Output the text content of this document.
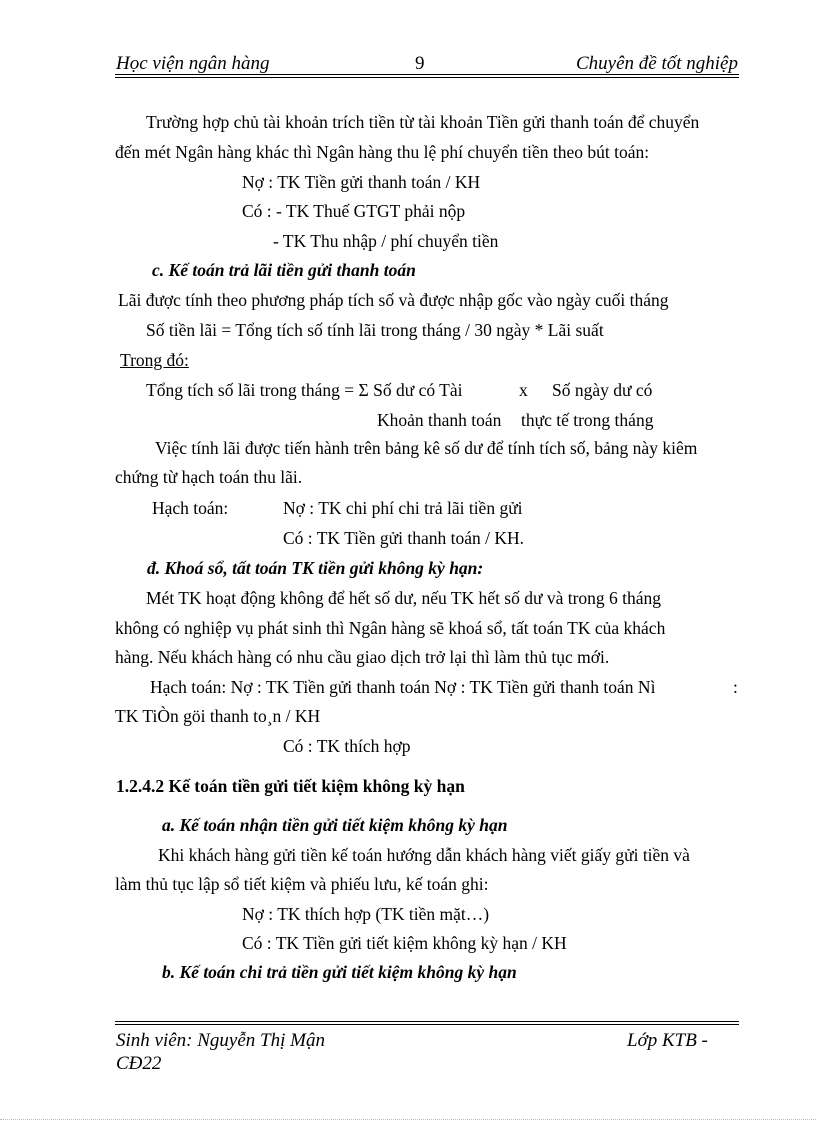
Học viện ngân hàng	9	Chuyên đề tốt nghiệp
Trường hợp chủ tài khoản trích tiền từ tài khoản Tiền gửi thanh toán để chuyển
đến mét Ngân hàng khác thì Ngân hàng thu lệ phí chuyển tiền theo bút toán:
Nợ : TK Tiền gửi thanh toán / KH
Có : - TK Thuế GTGT phải nộp
- TK Thu nhập / phí chuyển tiền
c. Kế toán trả lãi tiền gửi thanh toán
Lãi được tính theo phương pháp tích số và được nhập gốc vào ngày cuối tháng
Số tiền lãi = Tổng tích số tính lãi trong tháng / 30 ngày * Lãi suất
Trong đó:
Tổng tích số lãi trong tháng = Σ Số dư có Tài	x Số ngày dư có
Khoản thanh toán thực tế trong tháng
Việc tính lãi được tiến hành trên bảng kê số dư để tính tích số, bảng này kiêm
chứng từ hạch toán thu lãi.
Hạch toán:	Nợ : TK chi phí chi trả lãi tiền gửi
Có : TK Tiền gửi thanh toán / KH.
đ. Khoá sổ, tất toán TK tiền gửi không kỳ hạn:
Mét TK hoạt động không để hết số dư, nếu TK hết số dư và trong 6 tháng
không có nghiệp vụ phát sinh thì Ngân hàng sẽ khoá sổ, tất toán TK của khách
hàng. Nếu khách hàng có nhu cầu giao dịch trở lại thì làm thủ tục mới.
Hạch toán: Nợ : TK Tiền gửi thanh toán Nợ : TK Tiền gửi thanh toán Nì	:
TK TiÒn göi thanh to¸n / KH
Có : TK thích hợp
1.2.4.2 Kế toán tiền gửi tiết kiệm không kỳ hạn
a. Kế toán nhận tiền gửi tiết kiệm không kỳ hạn
Khi khách hàng gửi tiền kế toán hướng dẫn khách hàng viết giấy gửi tiền và
làm thủ tục lập sổ tiết kiệm và phiếu lưu, kế toán ghi:
Nợ : TK thích hợp (TK tiền mặt…)
Có : TK Tiền gửi tiết kiệm không kỳ hạn / KH
b. Kế toán chi trả tiền gửi tiết kiệm không kỳ hạn
Sinh viên: Nguyễn Thị Mận	Lớp KTB -
CĐ22
